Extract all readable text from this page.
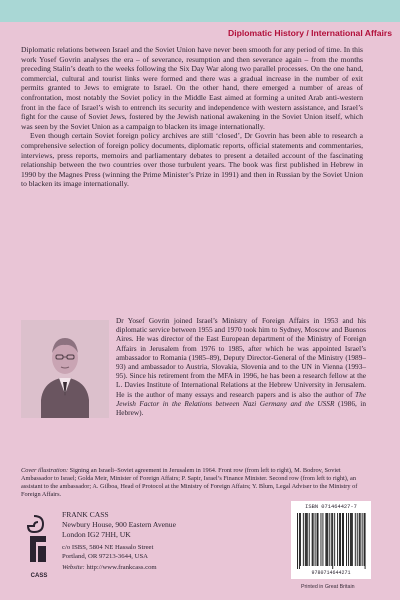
Diplomatic History / International Affairs

Diplomatic relations between Israel and the Soviet Union have never been smooth for any period of time. In this work Yosef Govrin analyses the era – of severance, resumption and then severance again – from the months preceding Stalin’s death to the weeks following the Six Day War along two parallel processes. On the one hand, commercial, cultural and tourist links were formed and there was a gradual increase in the number of exit permits granted to Jews to emigrate to Israel. On the other hand, there emerged a number of areas of confrontation, most notably the Soviet policy in the Middle East aimed at forming a united Arab anti-western front in the face of Israel’s wish to entrench its security and independence with western assistance, and Israel’s fight for the cause of Soviet Jews, fostered by the Jewish national awakening in the Soviet Union itself, which was seen by the Soviet Union as a campaign to blacken its image internationally.

Even though certain Soviet foreign policy archives are still ‘closed’, Dr Govrin has been able to research a comprehensive selection of foreign policy documents, diplomatic reports, official statements and commentaries, interviews, press reports, memoirs and parliamentary debates to present a detailed account of the fascinating relationship between the two countries over those turbulent years. The book was first published in Hebrew in 1990 by the Magnes Press (winning the Prime Minister’s Prize in 1991) and then in Russian by the Soviet Union to blacken its image internationally.

Dr Yosef Govrin joined Israel’s Ministry of Foreign Affairs in 1953 and his diplomatic service between 1955 and 1970 took him to Sydney, Moscow and Buenos Aires. He was director of the East European department of the Ministry of Foreign Affairs in Jerusalem from 1976 to 1985, after which he was appointed Israel’s ambassador to Romania (1985–89), Deputy Director-General of the Ministry (1989–93) and ambassador to Austria, Slovakia, Slovenia and to the UN in Vienna (1993–95). Since his retirement from the MFA in 1996, he has been a research fellow at the L. Davies Institute of International Relations at the Hebrew University in Jerusalem. He is the author of many essays and research papers and is also the author of The Jewish Factor in the Relations between Nazi Germany and the USSR (1986, in Hebrew).

Cover illustration: Signing an Israeli–Soviet agreement in Jerusalem in 1964. Front row (from left to right), M. Bodrov, Soviet Ambassador to Israel; Golda Meir, Minister of Foreign Affairs; P. Sapir, Israel’s Finance Minister. Second row (from left to right), an assistant to the ambassador; A. Gilboa, Head of Protocol at the Ministry of Foreign Affairs; Y. Blum, Legal Adviser to the Ministry of Foreign Affairs.

CASS
FRANK CASS
Newbury House, 900 Eastern Avenue
London IG2 7HH, UK
c/o ISBS, 5804 NE Hassalo Street
Portland, OR 97213-3644, USA
Website: http://www.frankcass.com
ISBN 071464427-7
9780714644271
Printed in Great Britain
